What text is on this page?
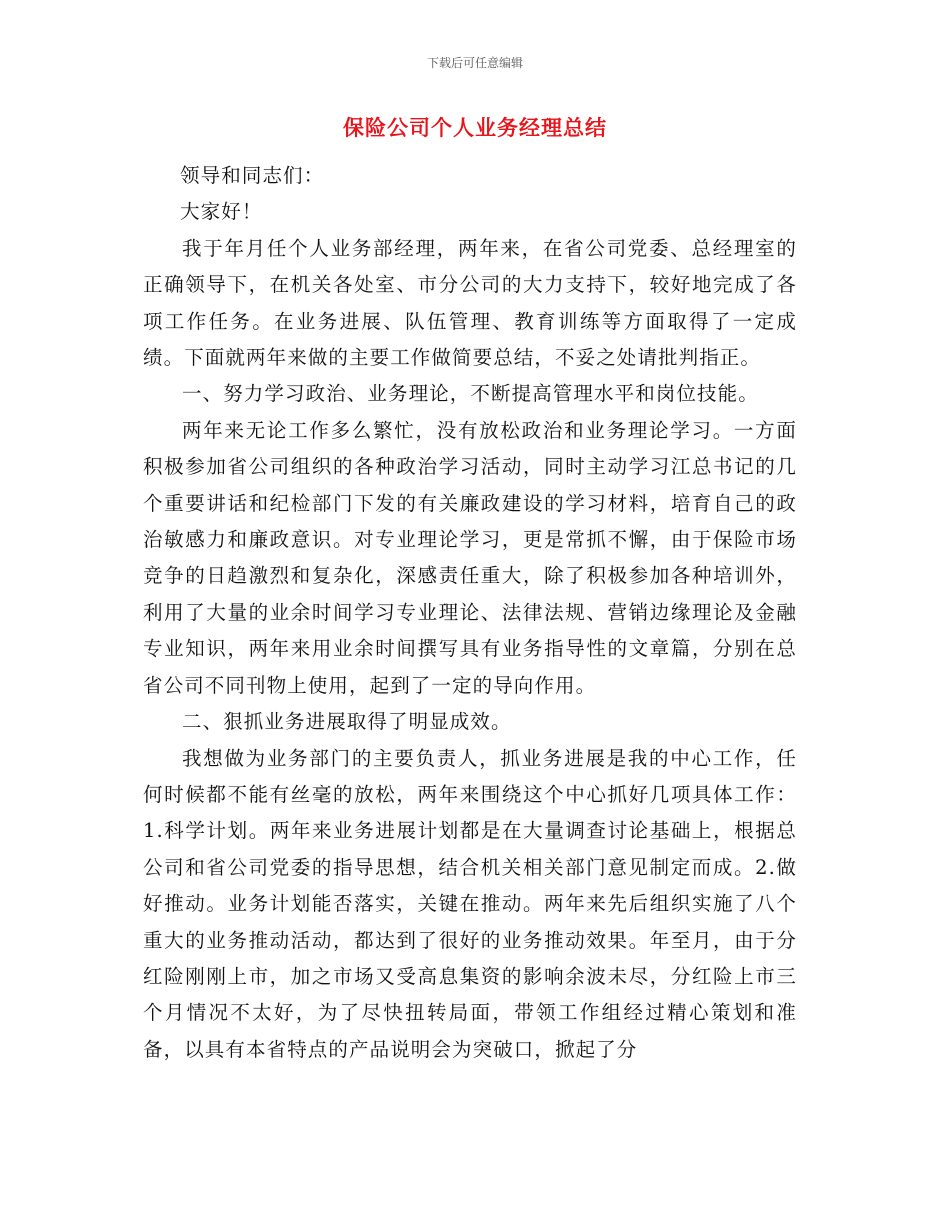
下载后可任意编辑
保险公司个人业务经理总结

领导和同志们：

大家好！

我于年月任个人业务部经理，两年来，在省公司党委、总经理室的正确领导下，在机关各处室、市分公司的大力支持下，较好地完成了各项工作任务。在业务进展、队伍管理、教育训练等方面取得了一定成绩。下面就两年来做的主要工作做简要总结，不妥之处请批判指正。

一、努力学习政治、业务理论，不断提高管理水平和岗位技能。

两年来无论工作多么繁忙，没有放松政治和业务理论学习。一方面积极参加省公司组织的各种政治学习活动，同时主动学习江总书记的几个重要讲话和纪检部门下发的有关廉政建设的学习材料，培育自己的政治敏感力和廉政意识。对专业理论学习，更是常抓不懈，由于保险市场竞争的日趋激烈和复杂化，深感责任重大，除了积极参加各种培训外，利用了大量的业余时间学习专业理论、法律法规、营销边缘理论及金融专业知识，两年来用业余时间撰写具有业务指导性的文章篇，分别在总省公司不同刊物上使用，起到了一定的导向作用。

二、狠抓业务进展取得了明显成效。

我想做为业务部门的主要负责人，抓业务进展是我的中心工作，任何时候都不能有丝毫的放松，两年来围绕这个中心抓好几项具体工作：1.科学计划。两年来业务进展计划都是在大量调查讨论基础上，根据总公司和省公司党委的指导思想，结合机关相关部门意见制定而成。2.做好推动。业务计划能否落实，关键在推动。两年来先后组织实施了八个重大的业务推动活动，都达到了很好的业务推动效果。年至月，由于分红险刚刚上市，加之市场又受高息集资的影响余波未尽，分红险上市三个月情况不太好，为了尽快扭转局面，带领工作组经过精心策划和准备，以具有本省特点的产品说明会为突破口，掀起了分
